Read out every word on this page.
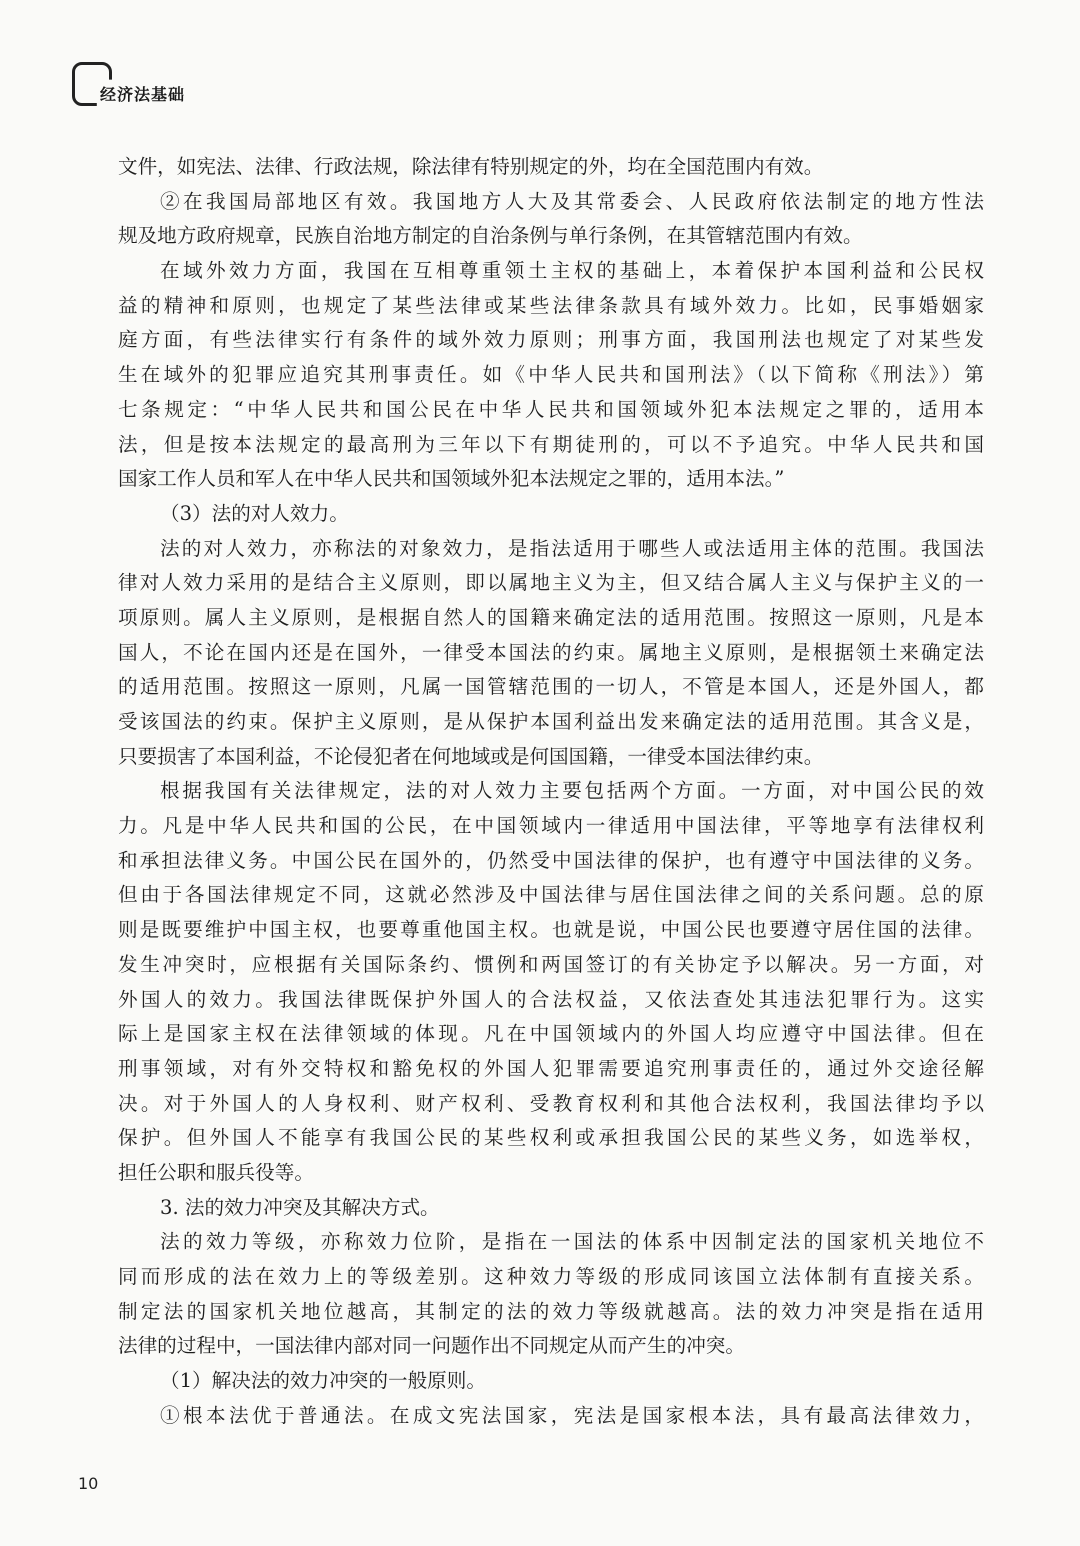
经济法基础
文件，如宪法、法律、行政法规，除法律有特别规定的外，均在全国范围内有效。
②在我国局部地区有效。我国地方人大及其常委会、人民政府依法制定的地方性法
规及地方政府规章，民族自治地方制定的自治条例与单行条例，在其管辖范围内有效。
在域外效力方面，我国在互相尊重领土主权的基础上，本着保护本国利益和公民权
益的精神和原则，也规定了某些法律或某些法律条款具有域外效力。比如，民事婚姻家
庭方面，有些法律实行有条件的域外效力原则；刑事方面，我国刑法也规定了对某些发
生在域外的犯罪应追究其刑事责任。如《中华人民共和国刑法》（以下简称《刑法》）第
七条规定：“中华人民共和国公民在中华人民共和国领域外犯本法规定之罪的，适用本
法，但是按本法规定的最高刑为三年以下有期徒刑的，可以不予追究。中华人民共和国
国家工作人员和军人在中华人民共和国领域外犯本法规定之罪的，适用本法。”
（3）法的对人效力。
法的对人效力，亦称法的对象效力，是指法适用于哪些人或法适用主体的范围。我国法
律对人效力采用的是结合主义原则，即以属地主义为主，但又结合属人主义与保护主义的一
项原则。属人主义原则，是根据自然人的国籍来确定法的适用范围。按照这一原则，凡是本
国人，不论在国内还是在国外，一律受本国法的约束。属地主义原则，是根据领土来确定法
的适用范围。按照这一原则，凡属一国管辖范围的一切人，不管是本国人，还是外国人，都
受该国法的约束。保护主义原则，是从保护本国利益出发来确定法的适用范围。其含义是，
只要损害了本国利益，不论侵犯者在何地域或是何国国籍，一律受本国法律约束。
根据我国有关法律规定，法的对人效力主要包括两个方面。一方面，对中国公民的效
力。凡是中华人民共和国的公民，在中国领域内一律适用中国法律，平等地享有法律权利
和承担法律义务。中国公民在国外的，仍然受中国法律的保护，也有遵守中国法律的义务。
但由于各国法律规定不同，这就必然涉及中国法律与居住国法律之间的关系问题。总的原
则是既要维护中国主权，也要尊重他国主权。也就是说，中国公民也要遵守居住国的法律。
发生冲突时，应根据有关国际条约、惯例和两国签订的有关协定予以解决。另一方面，对
外国人的效力。我国法律既保护外国人的合法权益，又依法查处其违法犯罪行为。这实
际上是国家主权在法律领域的体现。凡在中国领域内的外国人均应遵守中国法律。但在
刑事领域，对有外交特权和豁免权的外国人犯罪需要追究刑事责任的，通过外交途径解
决。对于外国人的人身权利、财产权利、受教育权利和其他合法权利，我国法律均予以
保护。但外国人不能享有我国公民的某些权利或承担我国公民的某些义务，如选举权，
担任公职和服兵役等。
3. 法的效力冲突及其解决方式。
法的效力等级，亦称效力位阶，是指在一国法的体系中因制定法的国家机关地位不
同而形成的法在效力上的等级差别。这种效力等级的形成同该国立法体制有直接关系。
制定法的国家机关地位越高，其制定的法的效力等级就越高。法的效力冲突是指在适用
法律的过程中，一国法律内部对同一问题作出不同规定从而产生的冲突。
（1）解决法的效力冲突的一般原则。
①根本法优于普通法。在成文宪法国家，宪法是国家根本法，具有最高法律效力，
10
